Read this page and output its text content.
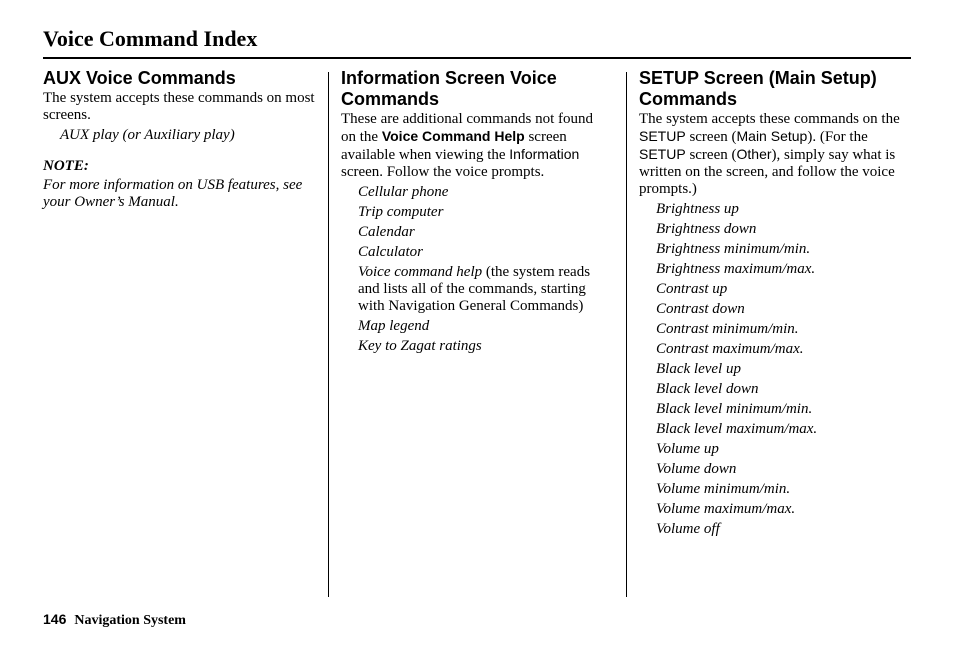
Voice Command Index
AUX Voice Commands

The system accepts these commands on most screens.

AUX play (or Auxiliary play)

NOTE:

For more information on USB features, see your Owner’s Manual.

Information Screen Voice Commands

These are additional commands not found on the Voice Command Help screen available when viewing the Information screen. Follow the voice prompts.

Cellular phone
Trip computer
Calendar
Calculator
Voice command help (the system reads and lists all of the commands, starting with Navigation General Commands)
Map legend
Key to Zagat ratings
SETUP Screen (Main Setup) Commands

The system accepts these commands on the SETUP screen (Main Setup). (For the SETUP screen (Other), simply say what is written on the screen, and follow the voice prompts.)

Brightness up
Brightness down
Brightness minimum/min.
Brightness maximum/max.
Contrast up
Contrast down
Contrast minimum/min.
Contrast maximum/max.
Black level up
Black level down
Black level minimum/min.
Black level maximum/max.
Volume up
Volume down
Volume minimum/min.
Volume maximum/max.
Volume off
146 Navigation System
